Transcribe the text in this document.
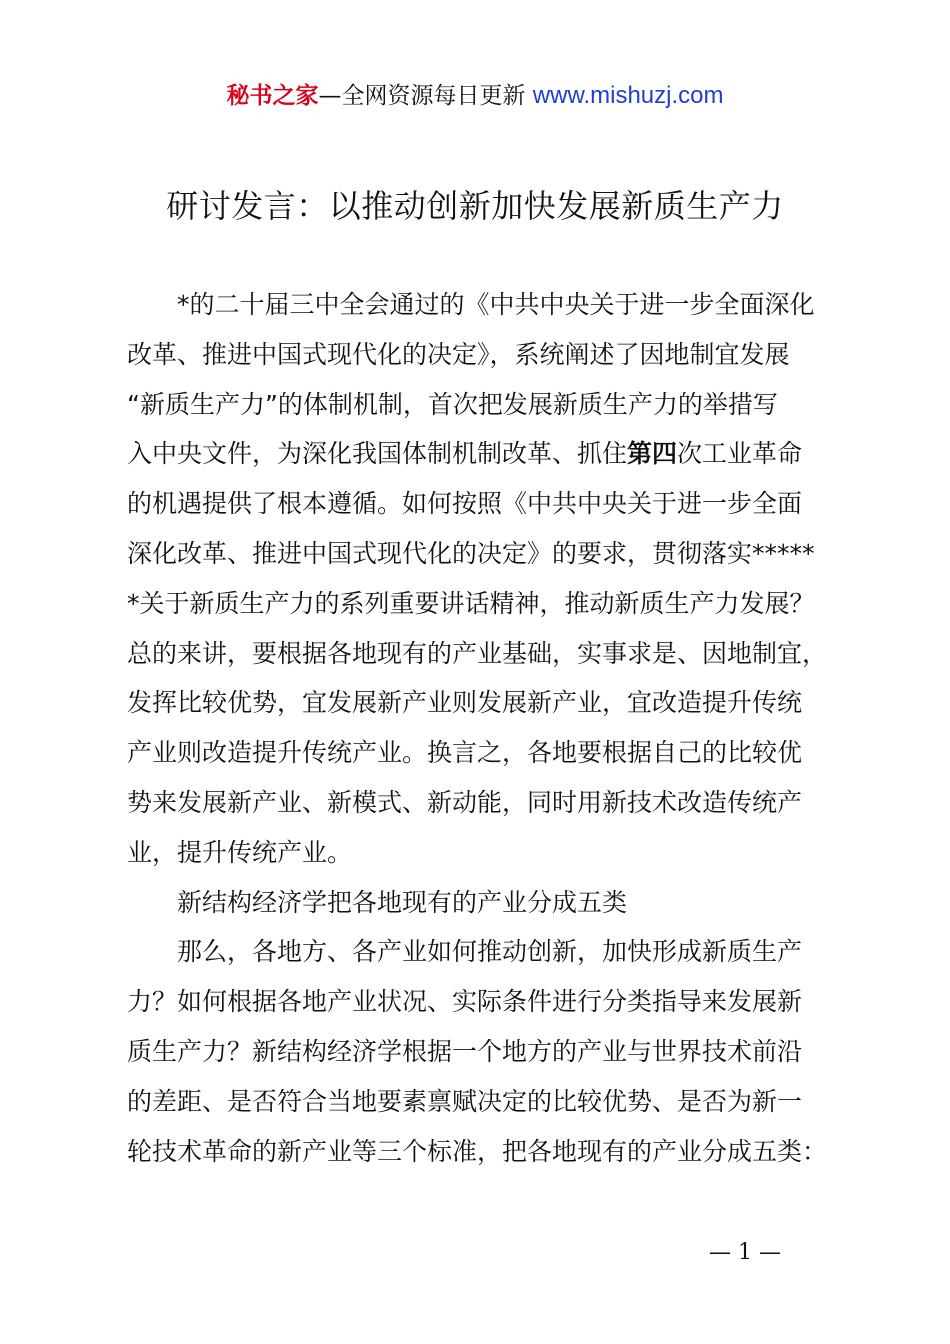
秘书之家—全网资源每日更新 www.mishuzj.com
研讨发言：以推动创新加快发展新质生产力
*的二十届三中全会通过的《中共中央关于进一步全面深化
改革、推进中国式现代化的决定》，系统阐述了因地制宜发展
“新质生产力”的体制机制，首次把发展新质生产力的举措写
入中央文件，为深化我国体制机制改革、抓住第四次工业革命
的机遇提供了根本遵循。如何按照《中共中央关于进一步全面
深化改革、推进中国式现代化的决定》的要求，贯彻落实*****
*关于新质生产力的系列重要讲话精神，推动新质生产力发展？
总的来讲，要根据各地现有的产业基础，实事求是、因地制宜，
发挥比较优势，宜发展新产业则发展新产业，宜改造提升传统
产业则改造提升传统产业。换言之，各地要根据自己的比较优
势来发展新产业、新模式、新动能，同时用新技术改造传统产
业，提升传统产业。
新结构经济学把各地现有的产业分成五类
那么，各地方、各产业如何推动创新，加快形成新质生产
力？如何根据各地产业状况、实际条件进行分类指导来发展新
质生产力？新结构经济学根据一个地方的产业与世界技术前沿
的差距、是否符合当地要素禀赋决定的比较优势、是否为新一
轮技术革命的新产业等三个标准，把各地现有的产业分成五类：
— 1 —
